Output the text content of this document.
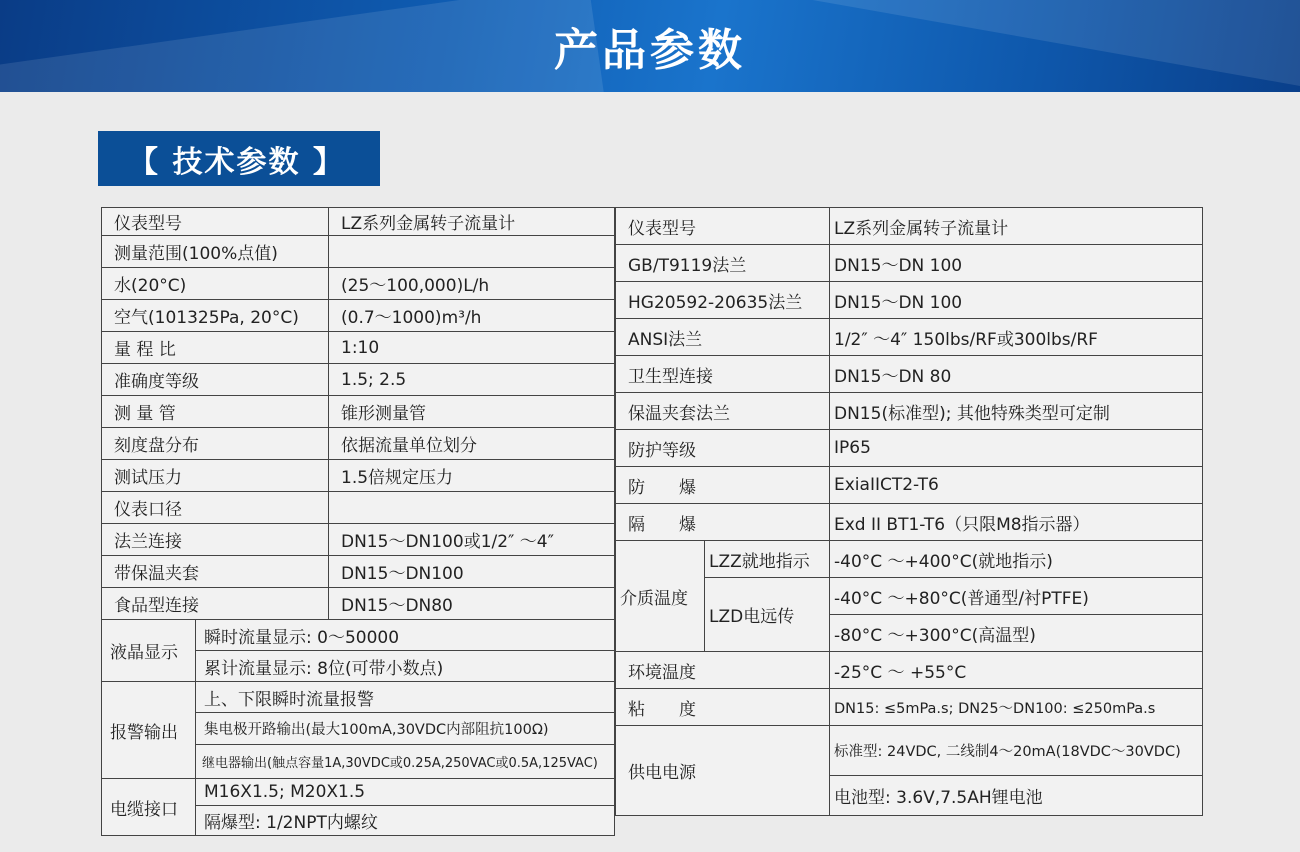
产品参数
【 技术参数 】
仪表型号		LZ系列金属转子流量计
测量范围(100%点值)		
水(20°C)		(25～100,000)L/h
空气(101325Pa, 20°C)		(0.7～1000)m³/h
量 程 比		1:10
准确度等级		1.5; 2.5
测 量 管		锥形测量管
刻度盘分布		依据流量单位划分
测试压力		1.5倍规定压力
仪表口径		
法兰连接		DN15～DN100或1/2″ ～4″
带保温夹套		DN15～DN100
食品型连接		DN15～DN80
液晶显示	瞬时流量显示: 0～50000	
	累计流量显示: 8位(可带小数点)	
报警输出	上、下限瞬时流量报警	
	集电极开路输出(最大100mA,30VDC内部阻抗100Ω)	
	继电器输出(触点容量1A,30VDC或0.25A,250VAC或0.5A,125VAC)	
电缆接口	M16X1.5; M20X1.5	
	隔爆型: 1/2NPT内螺纹	
仪表型号		LZ系列金属转子流量计
GB/T9119法兰		DN15～DN 100
HG20592-20635法兰		DN15～DN 100
ANSI法兰		1/2″ ～4″ 150lbs/RF或300lbs/RF
卫生型连接		DN15～DN 80
保温夹套法兰		DN15(标准型); 其他特殊类型可定制
防护等级		IP65
防　　爆		ExiaIICT2-T6
隔　　爆		Exd II BT1-T6（只限M8指示器）
介质温度	LZZ就地指示	-40°C ～+400°C(就地指示)
	LZD电远传	-40°C ～+80°C(普通型/衬PTFE)
		-80°C ～+300°C(高温型)
环境温度		-25°C ～ +55°C
粘　　度		DN15: ≤5mPa.s; DN25～DN100: ≤250mPa.s
供电电源		标准型: 24VDC, 二线制4～20mA(18VDC～30VDC)
		电池型: 3.6V,7.5AH锂电池
